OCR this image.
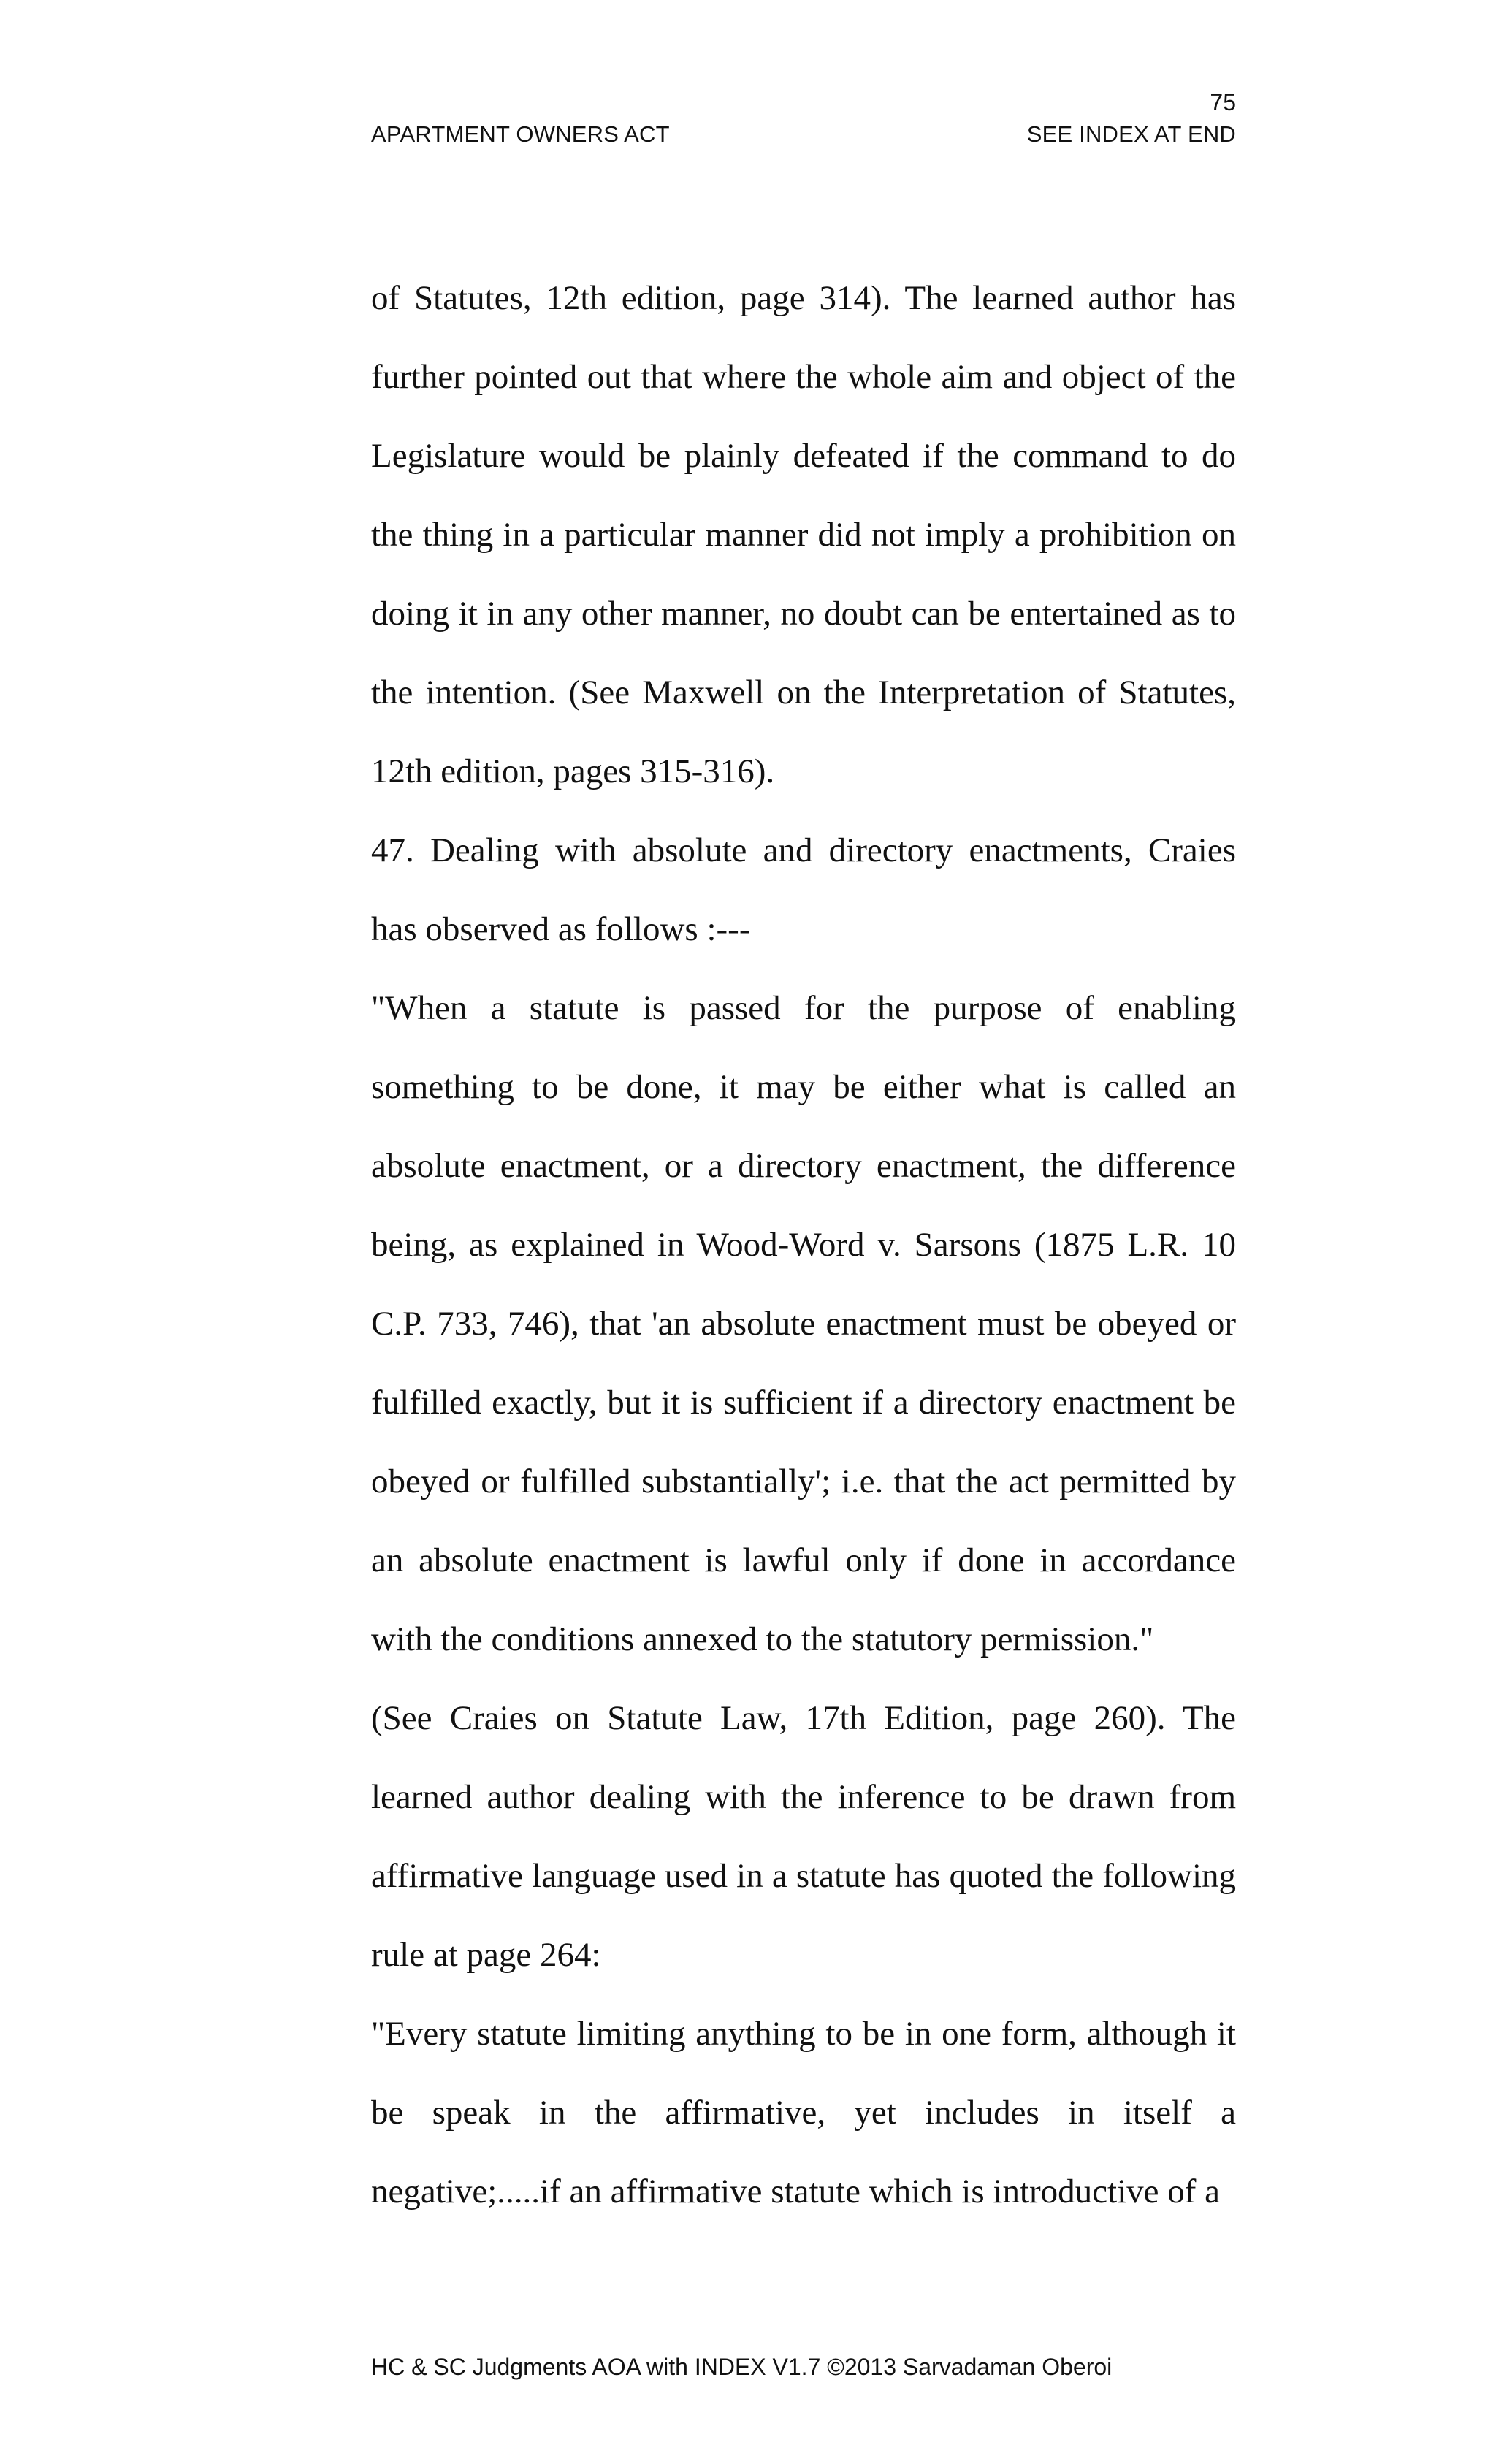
75
APARTMENT OWNERS ACT	SEE INDEX AT END

of Statutes, 12th edition, page 314). The learned author has further pointed out that where the whole aim and object of the Legislature would be plainly defeated if the command to do the thing in a particular manner did not imply a prohibition on doing it in any other manner, no doubt can be entertained as to the intention. (See Maxwell on the Interpretation of Statutes, 12th edition, pages 315-316).

47. Dealing with absolute and directory enactments, Craies has observed as follows :---

"When a statute is passed for the purpose of enabling something to be done, it may be either what is called an absolute enactment, or a directory enactment, the difference being, as explained in Wood-Word v. Sarsons (1875 L.R. 10 C.P. 733, 746), that 'an absolute enactment must be obeyed or fulfilled exactly, but it is sufficient if a directory enactment be obeyed or fulfilled substantially'; i.e. that the act permitted by an absolute enactment is lawful only if done in accordance with the conditions annexed to the statutory permission."

(See Craies on Statute Law, 17th Edition, page 260). The learned author dealing with the inference to be drawn from affirmative language used in a statute has quoted the following rule at page 264:

"Every statute limiting anything to be in one form, although it be speak in the affirmative, yet includes in itself a negative;.....if an affirmative statute which is introductive of a

HC & SC Judgments AOA with INDEX V1.7 ©2013 Sarvadaman Oberoi
